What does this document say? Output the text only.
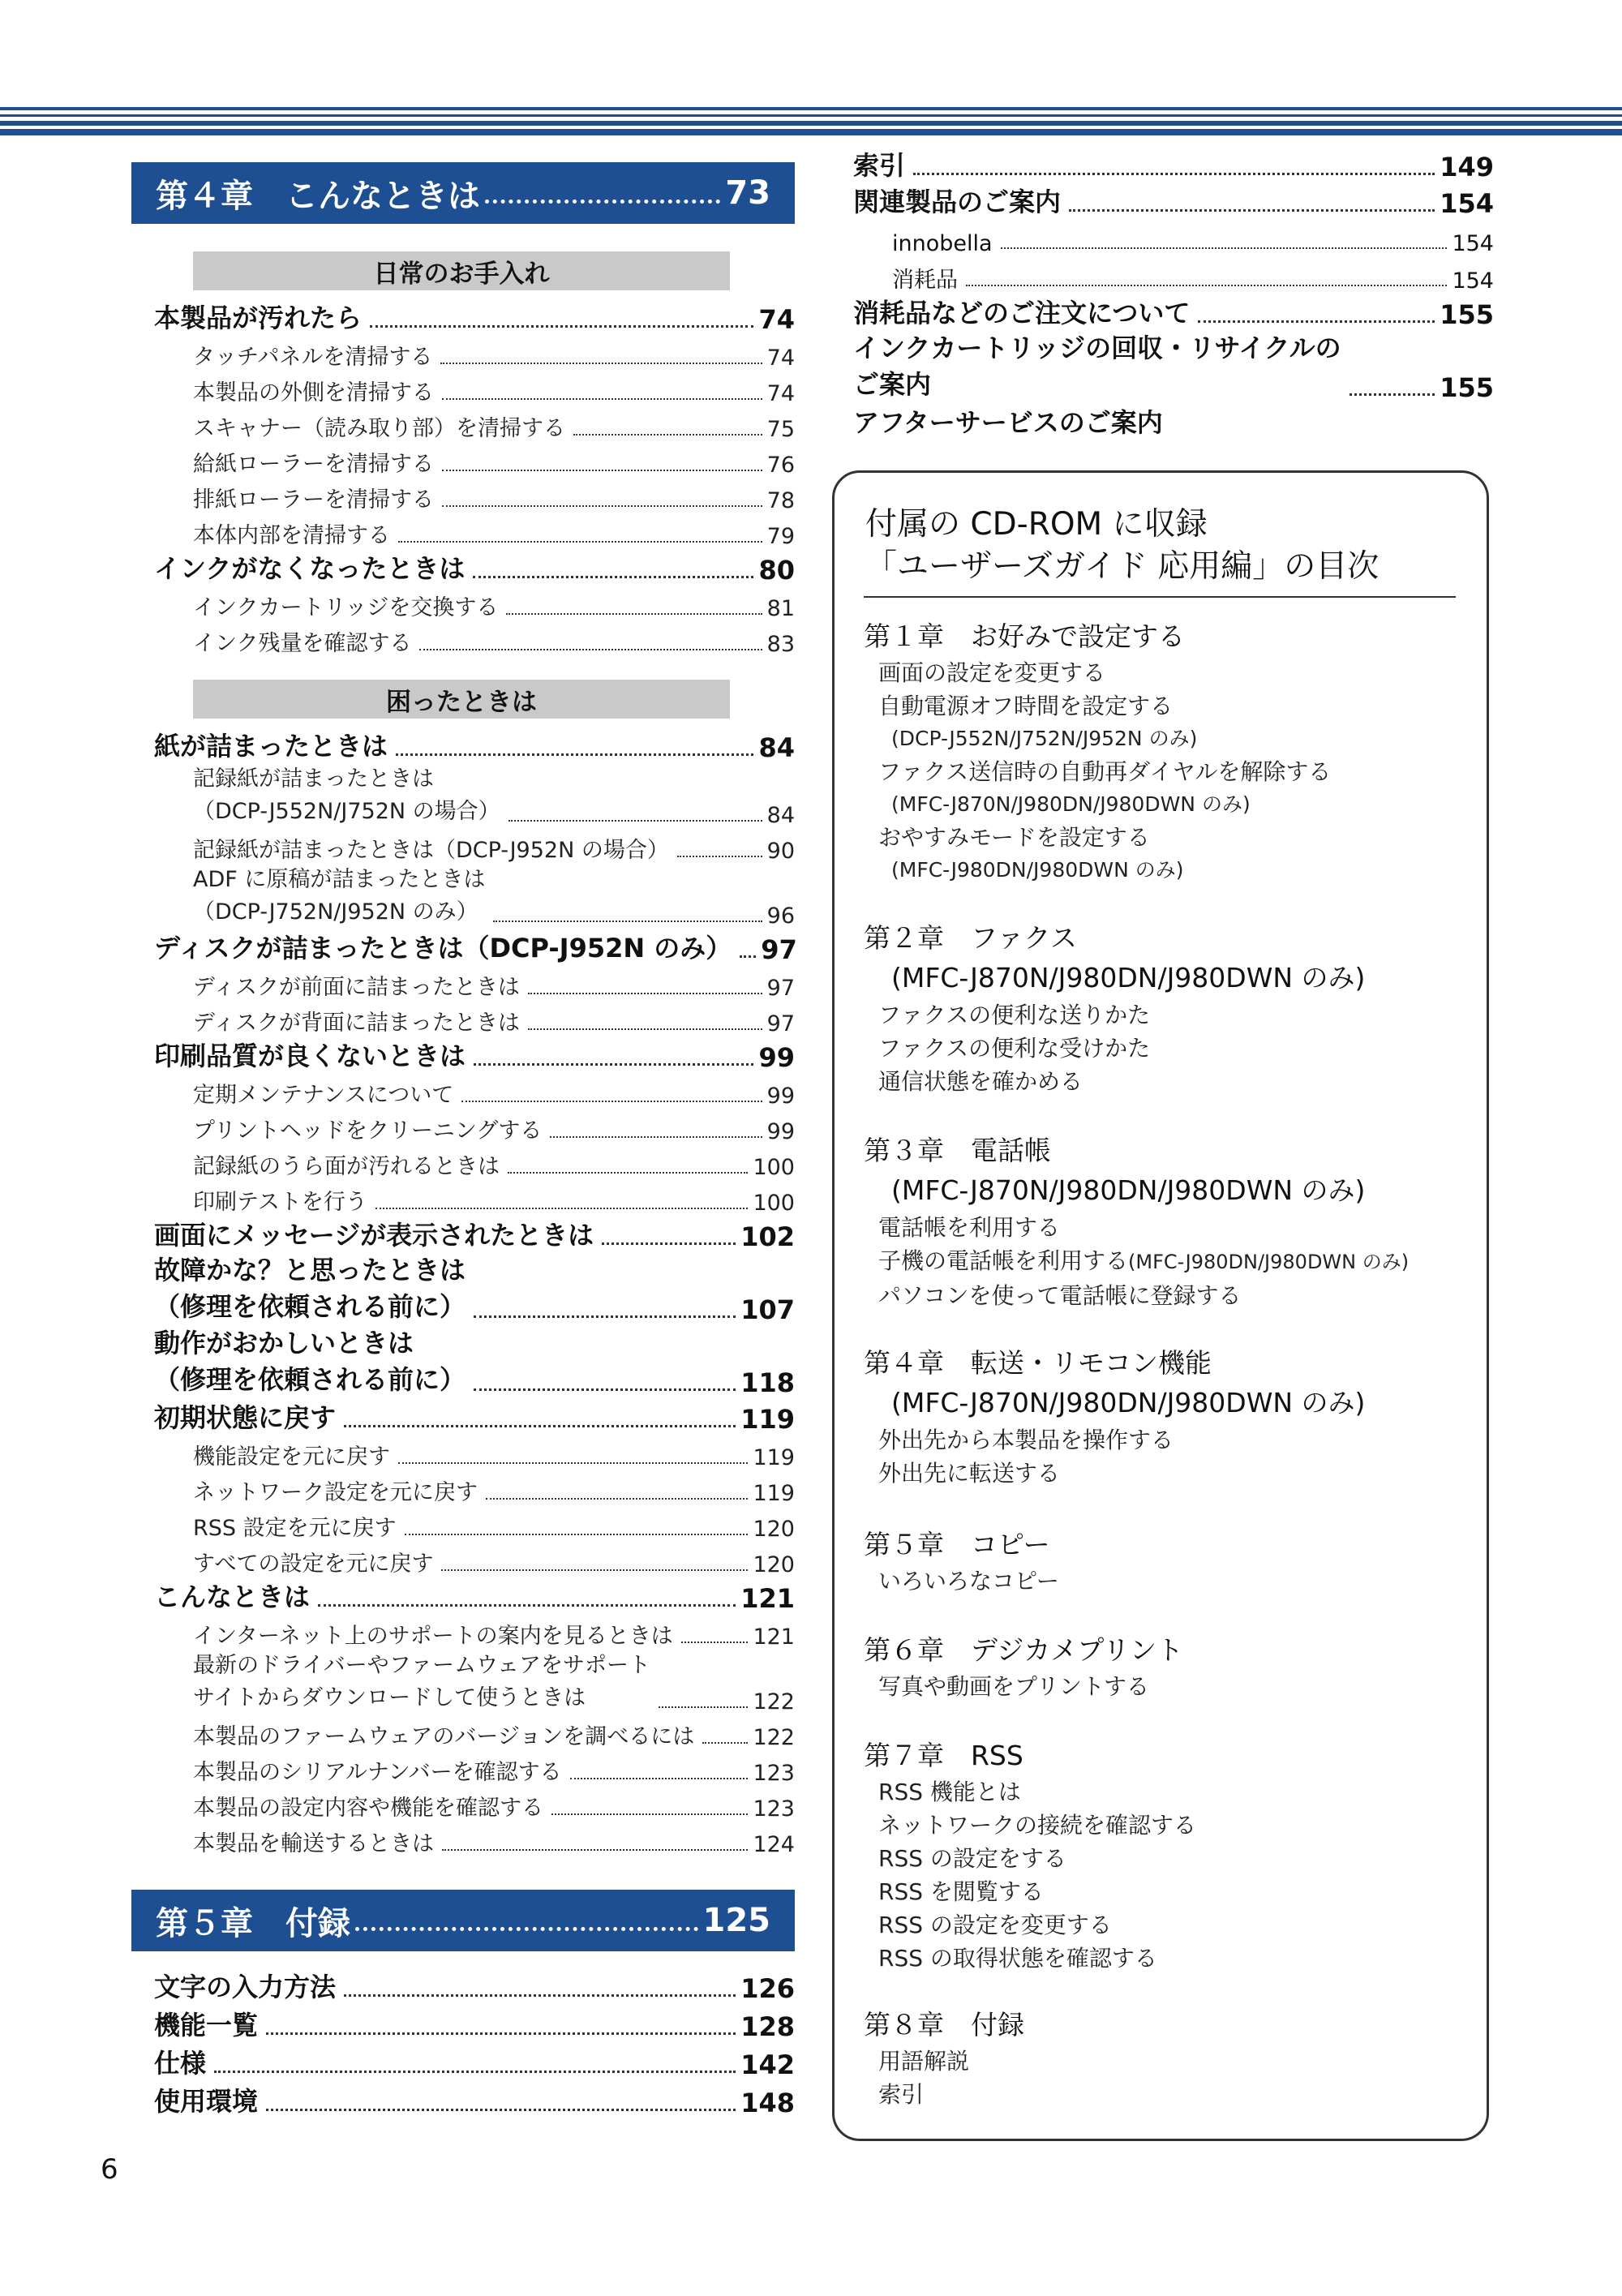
第４章　こんなときは	73
日常のお手入れ
本製品が汚れたら	74
タッチパネルを清掃する	74
本製品の外側を清掃する	74
スキャナー（読み取り部）を清掃する	75
給紙ローラーを清掃する	76
排紙ローラーを清掃する	78
本体内部を清掃する	79
インクがなくなったときは	80
インクカートリッジを交換する	81
インク残量を確認する	83
困ったときは
紙が詰まったときは	84
記録紙が詰まったときは
（DCP-J552N/J752N の場合）	84
記録紙が詰まったときは（DCP-J952N の場合）	90
ADF に原稿が詰まったときは
（DCP-J752N/J952N のみ）	96
ディスクが詰まったときは（DCP-J952N のみ） 97
ディスクが前面に詰まったときは	97
ディスクが背面に詰まったときは	97
印刷品質が良くないときは	99
定期メンテナンスについて	99
プリントヘッドをクリーニングする	99
記録紙のうら面が汚れるときは	100
印刷テストを行う	100
画面にメッセージが表示されたときは	102
故障かな？と思ったときは
（修理を依頼される前に）	107
動作がおかしいときは
（修理を依頼される前に）	118
初期状態に戻す	119
機能設定を元に戻す	119
ネットワーク設定を元に戻す	119
RSS 設定を元に戻す	120
すべての設定を元に戻す	120
こんなときは	121
インターネット上のサポートの案内を見るときは	121
最新のドライバーやファームウェアをサポート
サイトからダウンロードして使うときは	122
本製品のファームウェアのバージョンを調べるには	122
本製品のシリアルナンバーを確認する	123
本製品の設定内容や機能を確認する	123
本製品を輸送するときは	124
第５章　付録	125
文字の入力方法	126
機能一覧	128
仕様	142
使用環境	148
索引	149
関連製品のご案内	154
innobella	154
消耗品	154
消耗品などのご注文について	155
インクカートリッジの回収・リサイクルの
ご案内	155
アフターサービスのご案内
付属の CD-ROM に収録
「ユーザーズガイド 応用編」の目次
第１章　お好みで設定する
画面の設定を変更する
自動電源オフ時間を設定する
(DCP-J552N/J752N/J952N のみ)
ファクス送信時の自動再ダイヤルを解除する
(MFC-J870N/J980DN/J980DWN のみ)
おやすみモードを設定する
(MFC-J980DN/J980DWN のみ)
第２章　ファクス
(MFC-J870N/J980DN/J980DWN のみ)
ファクスの便利な送りかた
ファクスの便利な受けかた
通信状態を確かめる
第３章　電話帳
(MFC-J870N/J980DN/J980DWN のみ)
電話帳を利用する
子機の電話帳を利用する(MFC-J980DN/J980DWN のみ)
パソコンを使って電話帳に登録する
第４章　転送・リモコン機能
(MFC-J870N/J980DN/J980DWN のみ)
外出先から本製品を操作する
外出先に転送する
第５章　コピー
いろいろなコピー
第６章　デジカメプリント
写真や動画をプリントする
第７章　RSS
RSS 機能とは
ネットワークの接続を確認する
RSS の設定をする
RSS を閲覧する
RSS の設定を変更する
RSS の取得状態を確認する
第８章　付録
用語解説
索引
6
